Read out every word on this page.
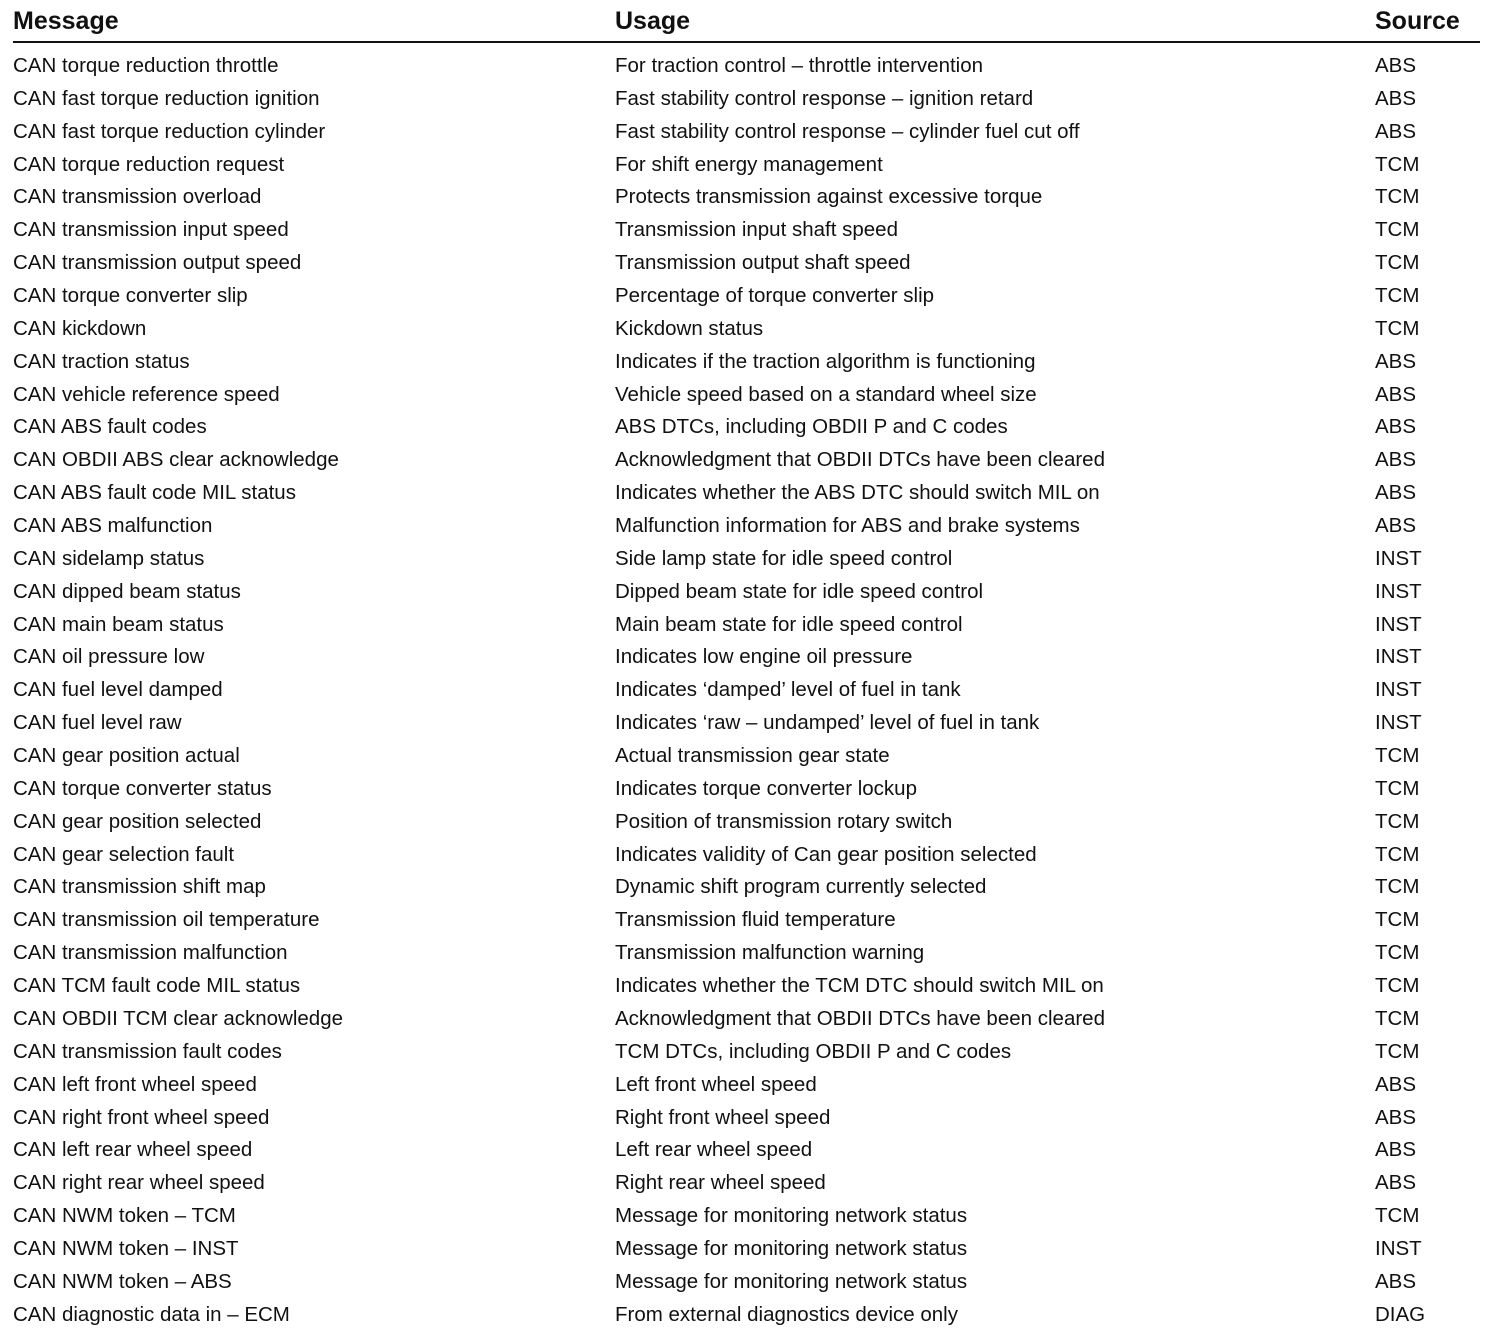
Message	Usage	Source
CAN torque reduction throttle	For traction control – throttle intervention	ABS
CAN fast torque reduction ignition	Fast stability control response – ignition retard	ABS
CAN fast torque reduction cylinder	Fast stability control response – cylinder fuel cut off	ABS
CAN torque reduction request	For shift energy management	TCM
CAN transmission overload	Protects transmission against excessive torque	TCM
CAN transmission input speed	Transmission input shaft speed	TCM
CAN transmission output speed	Transmission output shaft speed	TCM
CAN torque converter slip	Percentage of torque converter slip	TCM
CAN kickdown	Kickdown status	TCM
CAN traction status	Indicates if the traction algorithm is functioning	ABS
CAN vehicle reference speed	Vehicle speed based on a standard wheel size	ABS
CAN ABS fault codes	ABS DTCs, including OBDII P and C codes	ABS
CAN OBDII ABS clear acknowledge	Acknowledgment that OBDII DTCs have been cleared	ABS
CAN ABS fault code MIL status	Indicates whether the ABS DTC should switch MIL on	ABS
CAN ABS malfunction	Malfunction information for ABS and brake systems	ABS
CAN sidelamp status	Side lamp state for idle speed control	INST
CAN dipped beam status	Dipped beam state for idle speed control	INST
CAN main beam status	Main beam state for idle speed control	INST
CAN oil pressure low	Indicates low engine oil pressure	INST
CAN fuel level damped	Indicates ‘damped’ level of fuel in tank	INST
CAN fuel level raw	Indicates ‘raw – undamped’ level of fuel in tank	INST
CAN gear position actual	Actual transmission gear state	TCM
CAN torque converter status	Indicates torque converter lockup	TCM
CAN gear position selected	Position of transmission rotary switch	TCM
CAN gear selection fault	Indicates validity of Can gear position selected	TCM
CAN transmission shift map	Dynamic shift program currently selected	TCM
CAN transmission oil temperature	Transmission fluid temperature	TCM
CAN transmission malfunction	Transmission malfunction warning	TCM
CAN TCM fault code MIL status	Indicates whether the TCM DTC should switch MIL on	TCM
CAN OBDII TCM clear acknowledge	Acknowledgment that OBDII DTCs have been cleared	TCM
CAN transmission fault codes	TCM DTCs, including OBDII P and C codes	TCM
CAN left front wheel speed	Left front wheel speed	ABS
CAN right front wheel speed	Right front wheel speed	ABS
CAN left rear wheel speed	Left rear wheel speed	ABS
CAN right rear wheel speed	Right rear wheel speed	ABS
CAN NWM token – TCM	Message for monitoring network status	TCM
CAN NWM token – INST	Message for monitoring network status	INST
CAN NWM token – ABS	Message for monitoring network status	ABS
CAN diagnostic data in – ECM	From external diagnostics device only	DIAG
